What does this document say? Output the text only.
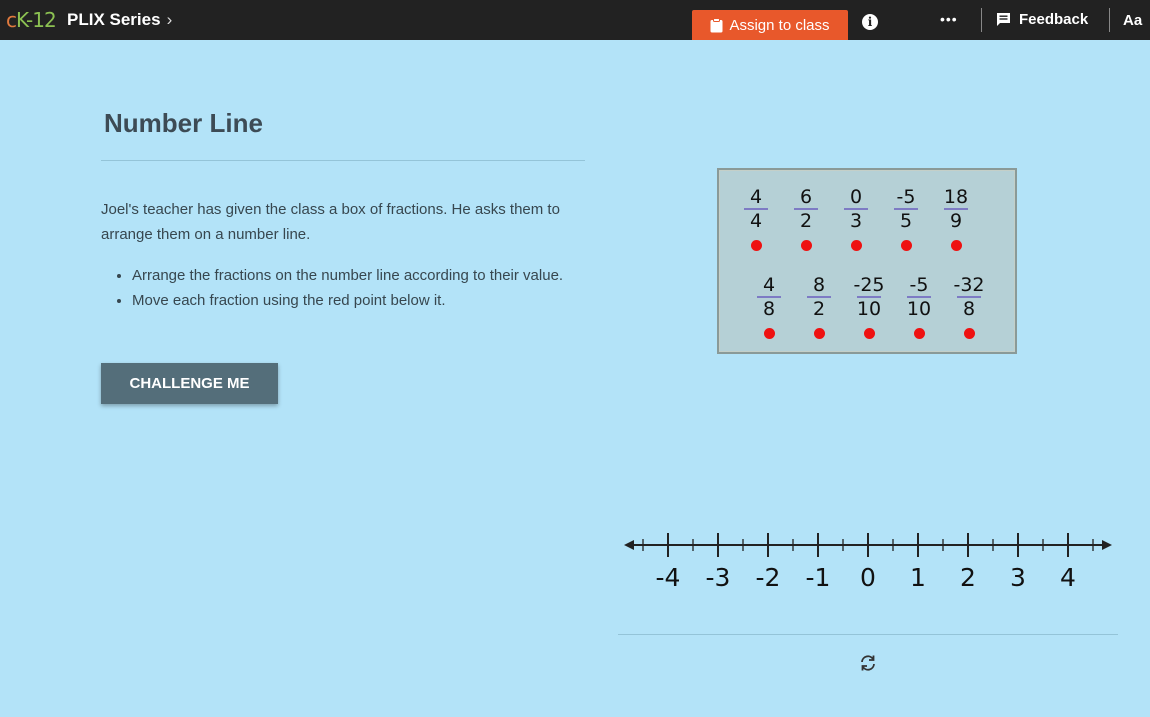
cK-12 PLIX Series ›	Assign to class	i	•••	Feedback Aa
Number Line
Joel's teacher has given the class a box of fractions. He asks them to arrange them on a number line.
• Arrange the fractions on the number line according to their value.
• Move each fraction using the red point below it.
CHALLENGE ME
4
4
6
2
0
3
-5
5
18
9
4
8
8
2
-25
10
-5
10
-32
8
-4 -3 -2 -1 0 1 2 3 4
